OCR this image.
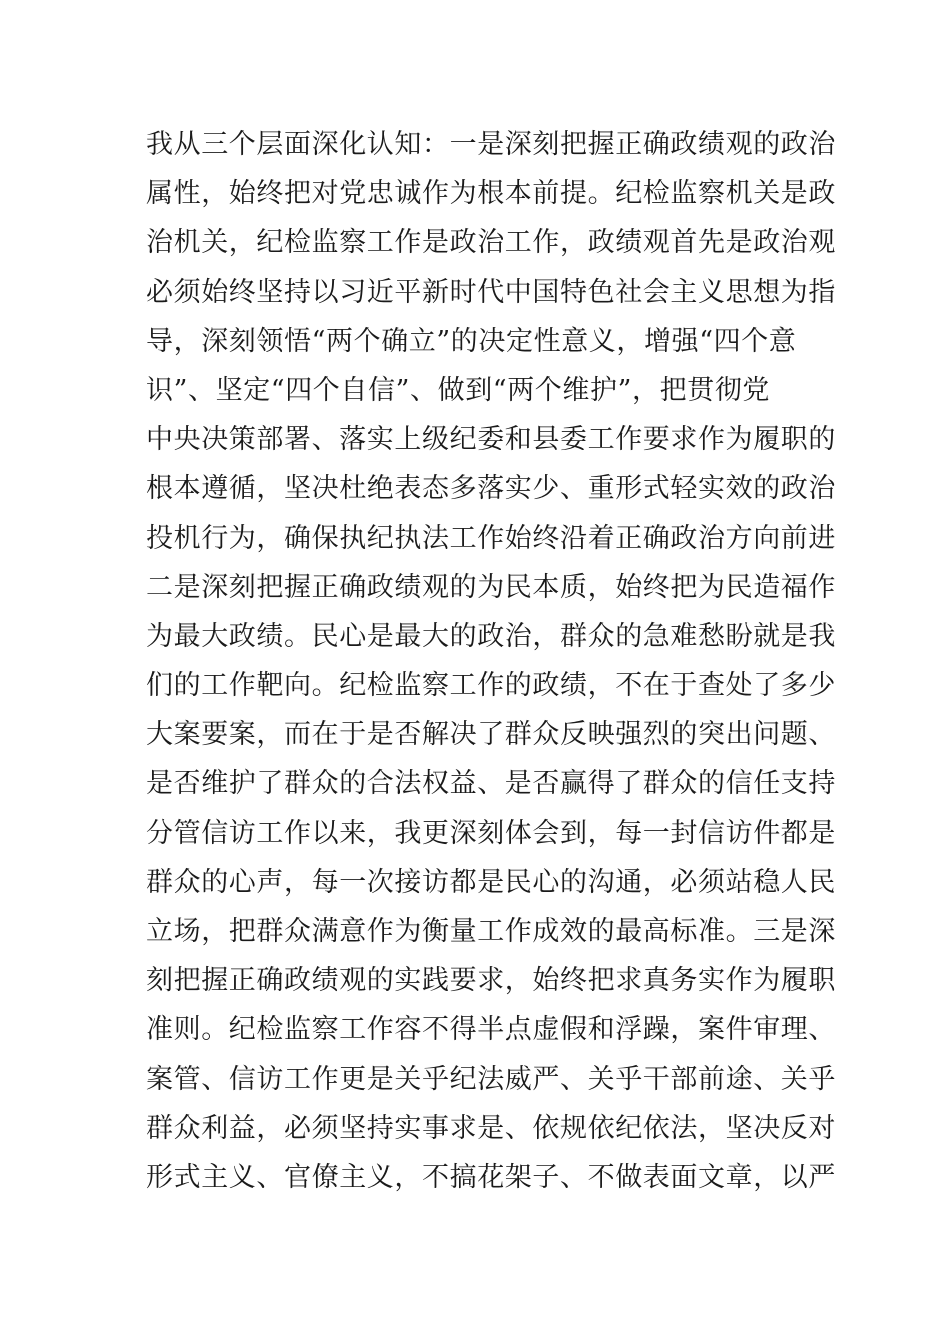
我从三个层面深化认知：一是深刻把握正确政绩观的政治
属性，始终把对党忠诚作为根本前提。纪检监察机关是政
治机关，纪检监察工作是政治工作，政绩观首先是政治观
必须始终坚持以习近平新时代中国特色社会主义思想为指
导，深刻领悟“两个确立”的决定性意义，增强“四个意
识”、坚定“四个自信”、做到“两个维护”，把贯彻党
中央决策部署、落实上级纪委和县委工作要求作为履职的
根本遵循，坚决杜绝表态多落实少、重形式轻实效的政治
投机行为，确保执纪执法工作始终沿着正确政治方向前进
二是深刻把握正确政绩观的为民本质，始终把为民造福作
为最大政绩。民心是最大的政治，群众的急难愁盼就是我
们的工作靶向。纪检监察工作的政绩，不在于查处了多少
大案要案，而在于是否解决了群众反映强烈的突出问题、
是否维护了群众的合法权益、是否赢得了群众的信任支持
分管信访工作以来，我更深刻体会到，每一封信访件都是
群众的心声，每一次接访都是民心的沟通，必须站稳人民
立场，把群众满意作为衡量工作成效的最高标准。三是深
刻把握正确政绩观的实践要求，始终把求真务实作为履职
准则。纪检监察工作容不得半点虚假和浮躁，案件审理、
案管、信访工作更是关乎纪法威严、关乎干部前途、关乎
群众利益，必须坚持实事求是、依规依纪依法，坚决反对
形式主义、官僚主义，不搞花架子、不做表面文章，以严
